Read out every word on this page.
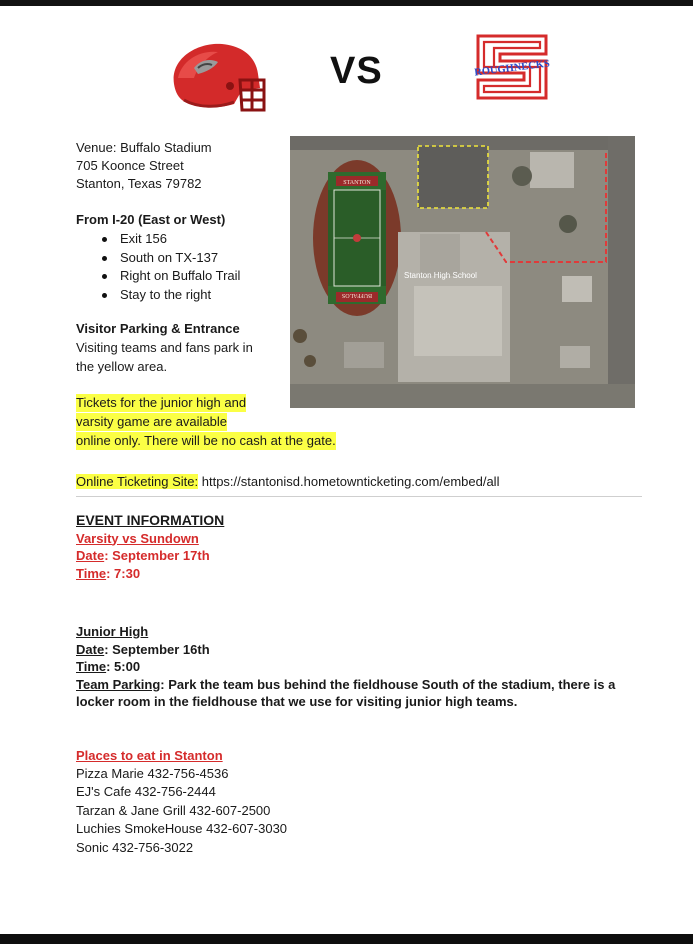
VS	ROUGHNECKS
Venue: Buffalo Stadium
705 Koonce Street
Stanton, Texas 79782
From I-20 (East or West)
Exit 156
South on TX-137
Right on Buffalo Trail
Stay to the right
Visitor Parking & Entrance
Visiting teams and fans park in
the yellow area.
STANTON
BUFFALOS
Stanton High School
Tickets for the junior high and
varsity game are available
online only. There will be no cash at the gate.
Online Ticketing Site: https://stantonisd.hometownticketing.com/embed/all
EVENT INFORMATION
Varsity vs Sundown
Date: September 17th
Time: 7:30
Junior High
Date: September 16th
Time: 5:00
Team Parking: Park the team bus behind the fieldhouse South of the stadium, there is a
locker room in the fieldhouse that we use for visiting junior high teams.
Places to eat in Stanton
Pizza Marie 432-756-4536
EJ's Cafe 432-756-2444
Tarzan & Jane Grill 432-607-2500
Luchies SmokeHouse 432-607-3030
Sonic 432-756-3022
